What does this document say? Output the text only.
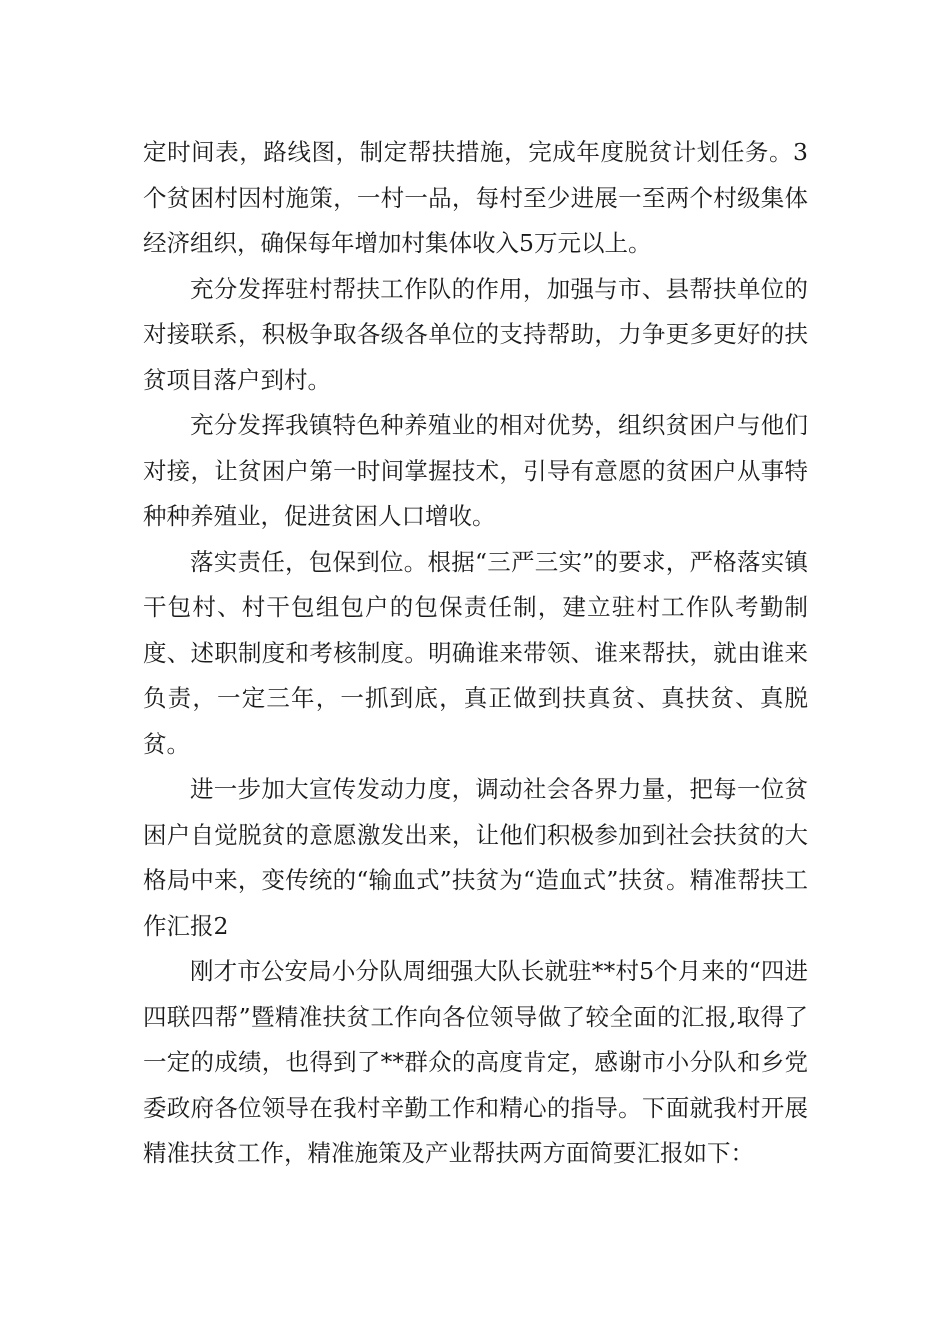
定时间表，路线图，制定帮扶措施，完成年度脱贫计划任务。3个贫困村因村施策，一村一品，每村至少进展一至两个村级集体经济组织，确保每年增加村集体收入5万元以上。

充分发挥驻村帮扶工作队的作用，加强与市、县帮扶单位的对接联系，积极争取各级各单位的支持帮助，力争更多更好的扶贫项目落户到村。

充分发挥我镇特色种养殖业的相对优势，组织贫困户与他们对接，让贫困户第一时间掌握技术，引导有意愿的贫困户从事特种种养殖业，促进贫困人口增收。

落实责任，包保到位。根据“三严三实”的要求，严格落实镇干包村、村干包组包户的包保责任制，建立驻村工作队考勤制度、述职制度和考核制度。明确谁来带领、谁来帮扶，就由谁来负责，一定三年，一抓到底，真正做到扶真贫、真扶贫、真脱贫。

进一步加大宣传发动力度，调动社会各界力量，把每一位贫困户自觉脱贫的意愿激发出来，让他们积极参加到社会扶贫的大格局中来，变传统的“输血式”扶贫为“造血式”扶贫。精准帮扶工作汇报2

刚才市公安局小分队周细强大队长就驻**村5个月来的“四进四联四帮”暨精准扶贫工作向各位领导做了较全面的汇报,取得了一定的成绩，也得到了**群众的高度肯定，感谢市小分队和乡党委政府各位领导在我村辛勤工作和精心的指导。下面就我村开展精准扶贫工作，精准施策及产业帮扶两方面简要汇报如下：
